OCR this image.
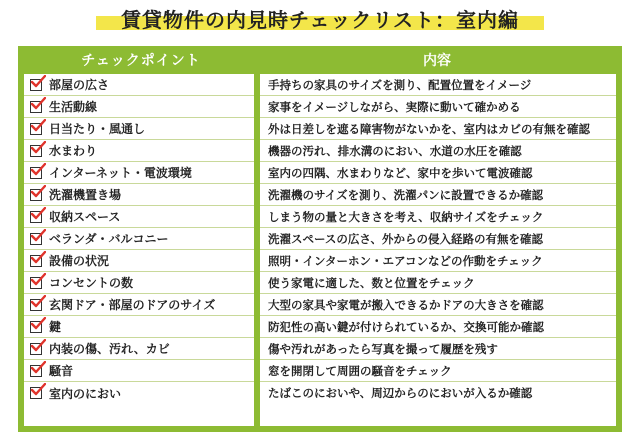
賃貸物件の内見時チェックリスト：室内編
チェックポイント	内容
部屋の広さ
生活動線
日当たり・風通し
水まわり
インターネット・電波環境
洗濯機置き場
収納スペース
ベランダ・バルコニー
設備の状況
コンセントの数
玄関ドア・部屋のドアのサイズ
鍵
内装の傷、汚れ、カビ
騒音
室内のにおい
手持ちの家具のサイズを測り、配置位置をイメージ
家事をイメージしながら、実際に動いて確かめる
外は日差しを遮る障害物がないかを、室内はカビの有無を確認
機器の汚れ、排水溝のにおい、水道の水圧を確認
室内の四隅、水まわりなど、家中を歩いて電波確認
洗濯機のサイズを測り、洗濯パンに設置できるか確認
しまう物の量と大きさを考え、収納サイズをチェック
洗濯スペースの広さ、外からの侵入経路の有無を確認
照明・インターホン・エアコンなどの作動をチェック
使う家電に適した、数と位置をチェック
大型の家具や家電が搬入できるかドアの大きさを確認
防犯性の高い鍵が付けられているか、交換可能か確認
傷や汚れがあったら写真を撮って履歴を残す
窓を開閉して周囲の騒音をチェック
たばこのにおいや、周辺からのにおいが入るか確認
